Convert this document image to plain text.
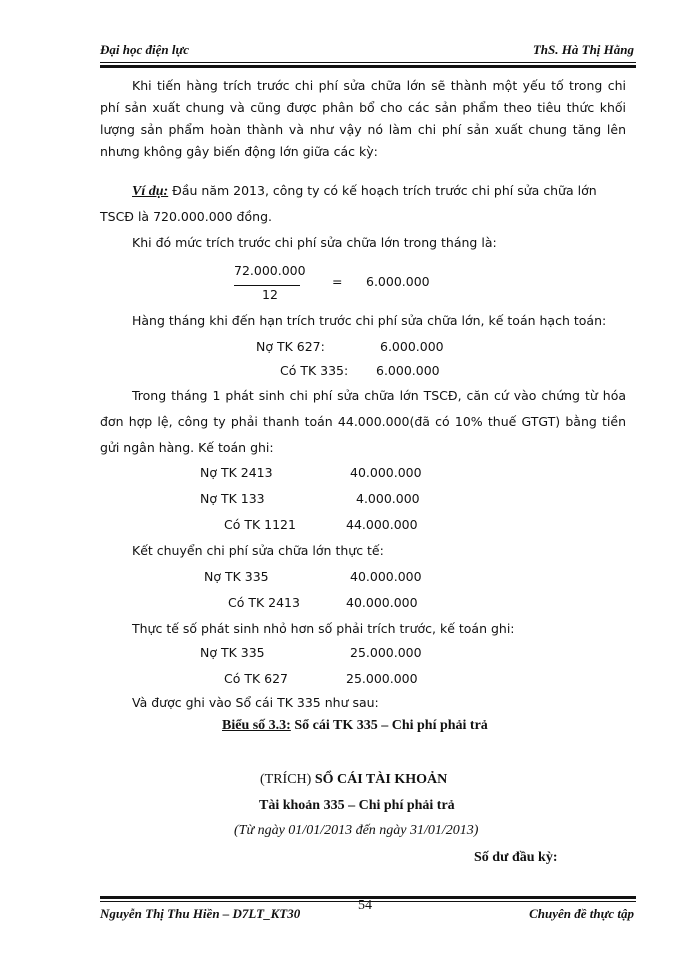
Đại học điện lực	ThS. Hà Thị Hằng

Khi tiến hàng trích trước chi phí sửa chữa lớn sẽ thành một yếu tố trong chi phí sản xuất chung và cũng được phân bổ cho các sản phẩm theo tiêu thức khối lượng sản phẩm hoàn thành và như vậy nó làm chi phí sản xuất chung tăng lên nhưng không gây biến động lớn giữa các kỳ:

Ví dụ: Đầu năm 2013, công ty có kế hoạch trích trước chi phí sửa chữa lớn
TSCĐ là 720.000.000 đồng.
Khi đó mức trích trước chi phí sửa chữa lớn trong tháng là:
72.000.000
12
= 6.000.000
Hàng tháng khi đến hạn trích trước chi phí sửa chữa lớn, kế toán hạch toán:
Nợ TK 627:	6.000.000
Có TK 335: 6.000.000

Trong tháng 1 phát sinh chi phí sửa chữa lớn TSCĐ, căn cứ vào chứng từ hóa đơn hợp lệ, công ty phải thanh toán 44.000.000(đã có 10% thuế GTGT) bằng tiền gửi ngân hàng. Kế toán ghi:

Nợ TK 2413	40.000.000
Nợ TK 133	4.000.000
Có TK 1121	44.000.000
Kết chuyển chi phí sửa chữa lớn thực tế:
Nợ TK 335	40.000.000
Có TK 2413	40.000.000
Thực tế số phát sinh nhỏ hơn số phải trích trước, kế toán ghi:
Nợ TK 335	25.000.000
Có TK 627	25.000.000
Và được ghi vào Sổ cái TK 335 như sau:
Biểu số 3.3: Sổ cái TK 335 – Chi phí phải trả
(TRÍCH) SỔ CÁI TÀI KHOẢN
Tài khoản 335 – Chi phí phải trả
(Từ ngày 01/01/2013 đến ngày 31/01/2013)
Số dư đầu kỳ:
Nguyễn Thị Thu Hiền – D7LT_KT30
54
Chuyên đề thực tập
